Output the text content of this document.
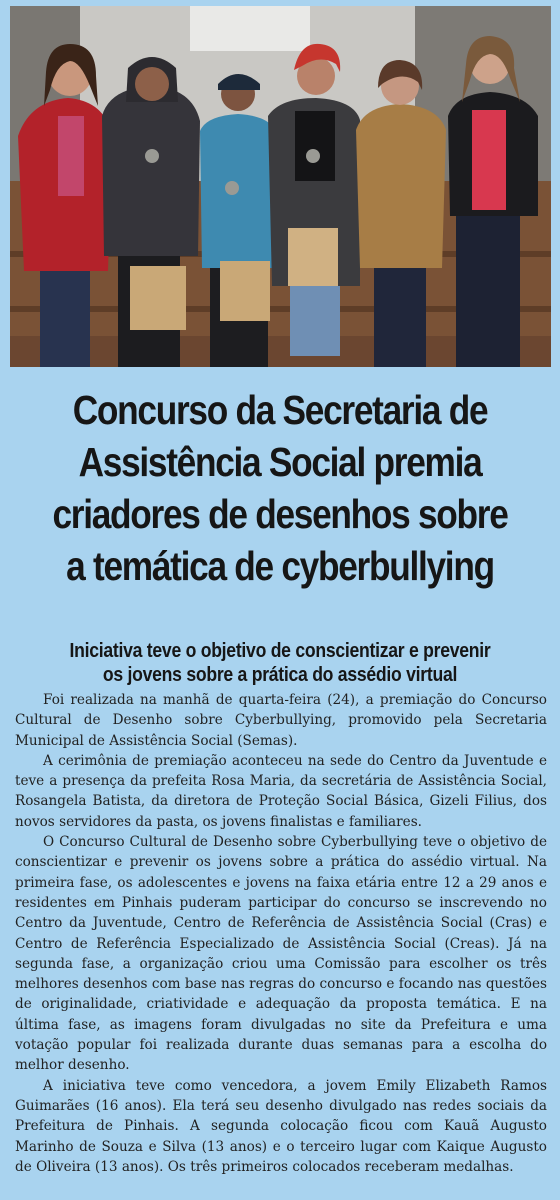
Concurso da Secretaria de
Assistência Social premia
criadores de desenhos sobre
a temática de cyberbullying
Iniciativa teve o objetivo de conscientizar e prevenir
os jovens sobre a prática do assédio virtual

Foi realizada na manhã de quarta-feira (24), a premiação do Concurso Cultural de Desenho sobre Cyberbullying, promovido pela Secretaria Municipal de Assistência Social (Semas).

A cerimônia de premiação aconteceu na sede do Centro da Juventude e teve a presença da prefeita Rosa Maria, da secretária de Assistência Social, Rosangela Batista, da diretora de Proteção Social Básica, Gizeli Filius, dos novos servidores da pasta, os jovens finalistas e familiares.

O Concurso Cultural de Desenho sobre Cyberbullying teve o objetivo de conscientizar e prevenir os jovens sobre a prática do assédio virtual. Na primeira fase, os adolescentes e jovens na faixa etária entre 12 a 29 anos e residentes em Pinhais puderam participar do concurso se inscrevendo no Centro da Juventude, Centro de Referência de Assistência Social (Cras) e Centro de Referência Especializado de Assistência Social (Creas). Já na segunda fase, a organização criou uma Comissão para escolher os três melhores desenhos com base nas regras do concurso e focando nas questões de originalidade, criatividade e adequação da proposta temática. E na última fase, as imagens foram divulgadas no site da Prefeitura e uma votação popular foi realizada durante duas semanas para a escolha do melhor desenho.

A iniciativa teve como vencedora, a jovem Emily Elizabeth Ramos Guimarães (16 anos). Ela terá seu desenho divulgado nas redes sociais da Prefeitura de Pinhais. A segunda colocação ficou com Kauã Augusto Marinho de Souza e Silva (13 anos) e o terceiro lugar com Kaique Augusto de Oliveira (13 anos). Os três primeiros colocados receberam medalhas.
